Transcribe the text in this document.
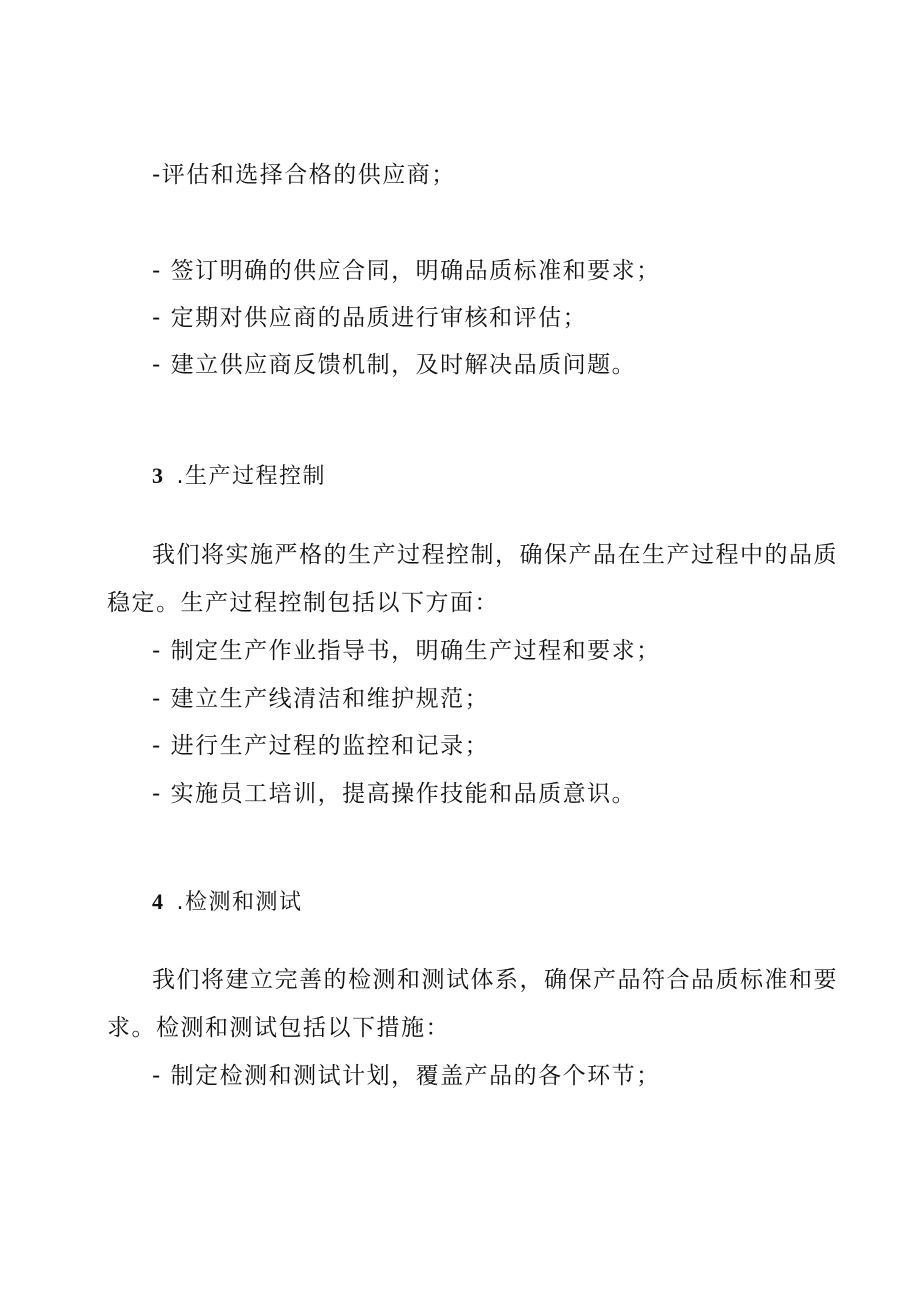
-评估和选择合格的供应商；
- 签订明确的供应合同，明确品质标准和要求；
- 定期对供应商的品质进行审核和评估；
- 建立供应商反馈机制，及时解决品质问题。
3 .生产过程控制
我们将实施严格的生产过程控制，确保产品在生产过程中的品质
稳定。生产过程控制包括以下方面：
- 制定生产作业指导书，明确生产过程和要求；
- 建立生产线清洁和维护规范；
- 进行生产过程的监控和记录；
- 实施员工培训，提高操作技能和品质意识。
4 .检测和测试
我们将建立完善的检测和测试体系，确保产品符合品质标准和要
求。检测和测试包括以下措施：
- 制定检测和测试计划，覆盖产品的各个环节；
